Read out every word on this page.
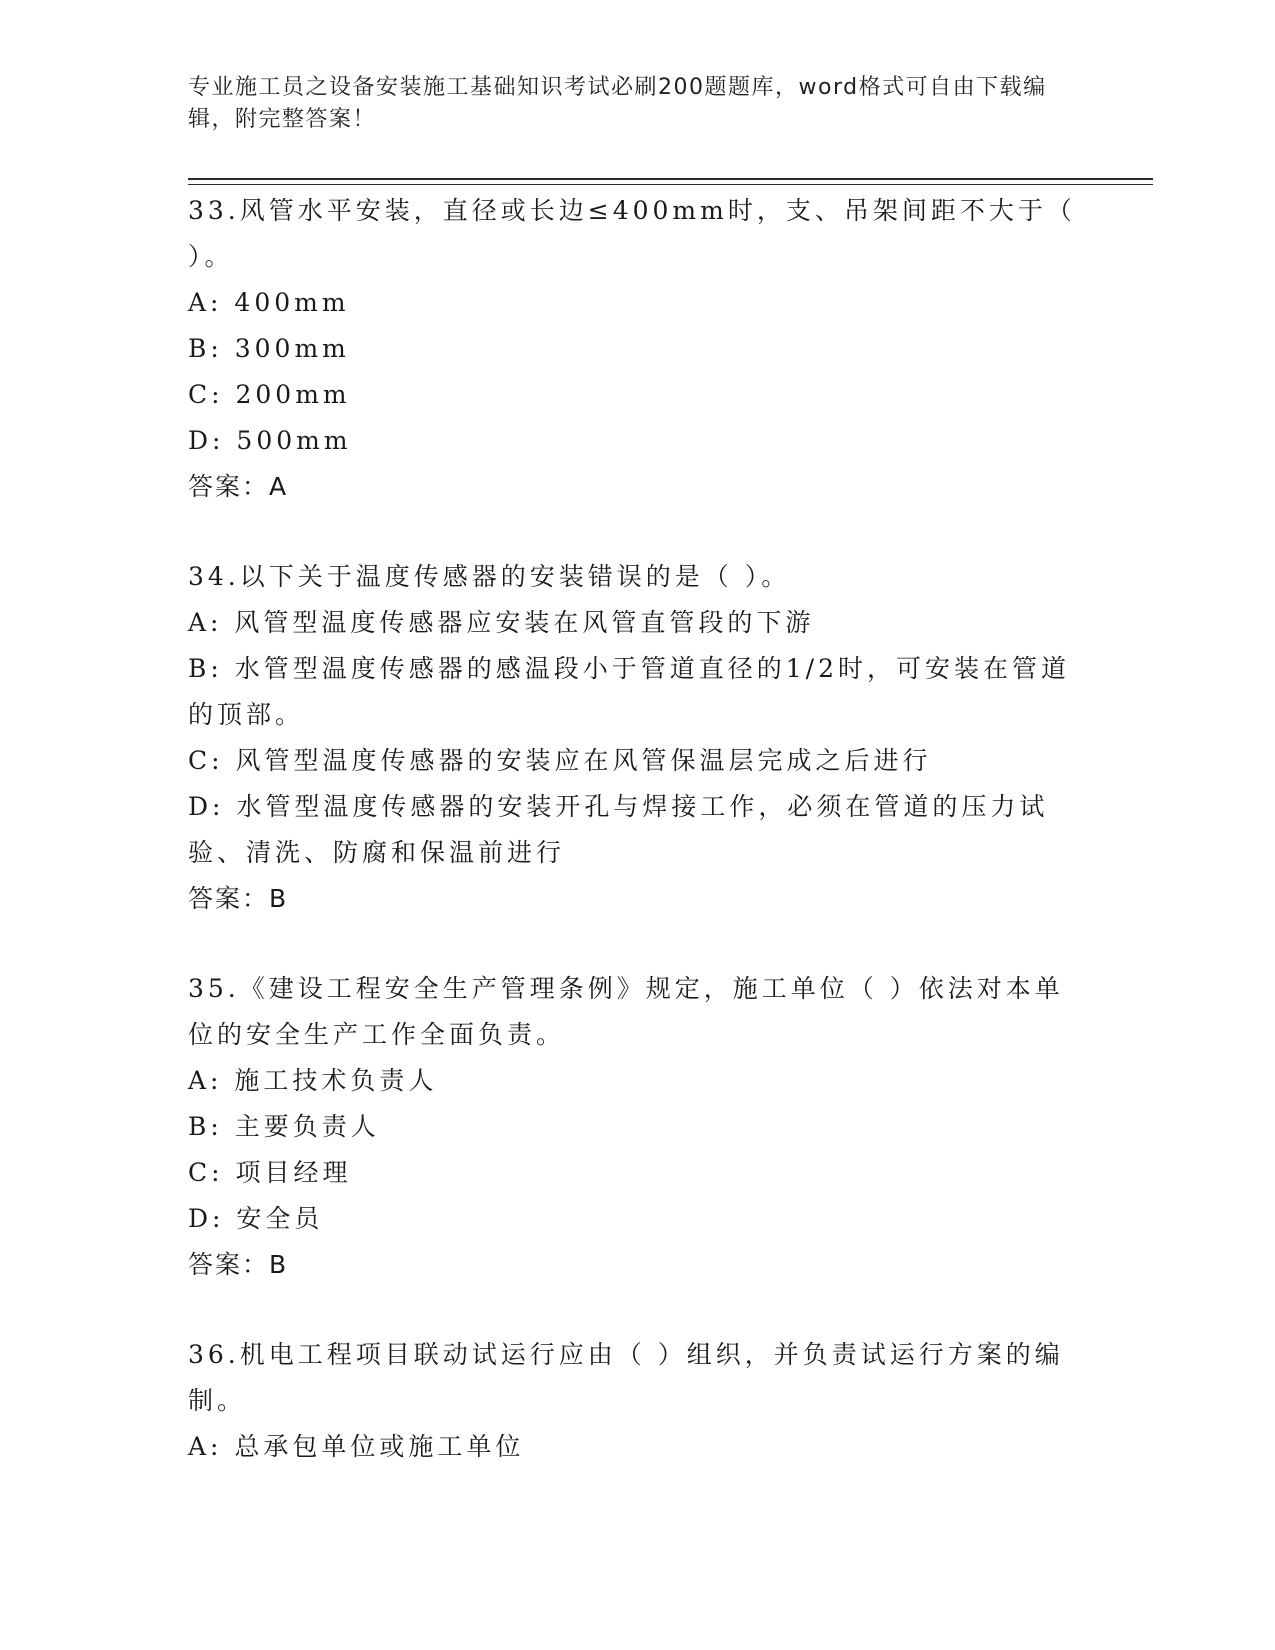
专业施工员之设备安装施工基础知识考试必刷200题题库，word格式可自由下载编辑，附完整答案！
33.风管水平安装，直径或长边≤400mm时，支、吊架间距不大于（ ）。
A: 400mm
B: 300mm
C: 200mm
D: 500mm
答案：A
34.以下关于温度传感器的安装错误的是（ ）。
A: 风管型温度传感器应安装在风管直管段的下游
B: 水管型温度传感器的感温段小于管道直径的1/2时，可安装在管道的顶部。
C: 风管型温度传感器的安装应在风管保温层完成之后进行
D: 水管型温度传感器的安装开孔与焊接工作，必须在管道的压力试验、清洗、防腐和保温前进行
答案：B
35.《建设工程安全生产管理条例》规定，施工单位（ ）依法对本单位的安全生产工作全面负责。
A: 施工技术负责人
B: 主要负责人
C: 项目经理
D: 安全员
答案：B
36.机电工程项目联动试运行应由（ ）组织，并负责试运行方案的编制。
A: 总承包单位或施工单位
